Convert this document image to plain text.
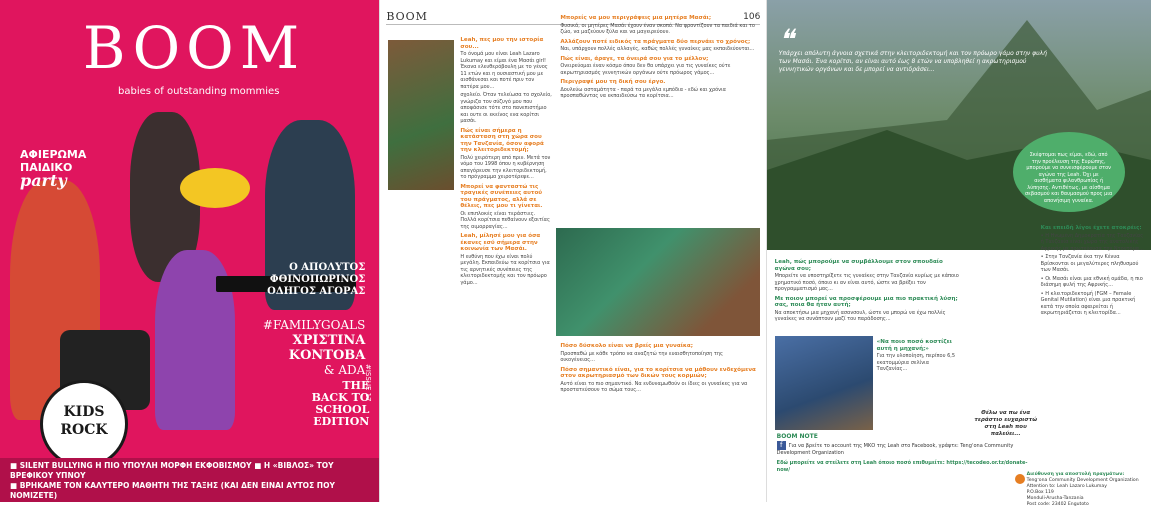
BOOM
babies of outstanding mommies
ΑΦΙΕΡΩΜΑ
ΠΑΙΔΙΚΟ
party
Ο ΑΠΟΛΥΤΟΣ
ΦΘΙΝΟΠΩΡΙΝΟΣ
ΟΔΗΓΟΣ ΑΓΟΡΑΣ
#FAMILYGOALS
ΧΡΙΣΤΙΝΑ
ΚΟΝΤΟΒΑ
& ADA
THE
BACK TO
SCHOOL
EDITION
KIDS
ROCK
#ISSUE 17
■ SILENT BULLYING Η ΠΙΟ ΥΠΟΥΛΗ ΜΟΡΦΗ ΕΚΦΟΒΙΣΜΟΥ ■ Η «ΒΙΒΛΟΣ» ΤΟΥ ΒΡΕΦΙΚΟΥ ΥΠΝΟΥ
■ ΒΡΗΚΑΜΕ ΤΟΝ ΚΑΛΥΤΕΡΟ ΜΑΘΗΤΗ ΤΗΣ ΤΑΞΗΣ (ΚΑΙ ΔΕΝ ΕΙΝΑΙ ΑΥΤΟΣ ΠΟΥ ΝΟΜΙΖΕΤΕ)
■ ΤΑΞΙΔΕΥΟΥΜΕ ΣΕ 4 ΚΑΣΤΡΑ ΤΗΣ ΕΥΡΩΠΗΣ ■ 100 ΠΡΩΤΟΤΥΠΑ ΟΝΟΜΑΤΑ ΓΙΑ ΤΟ ΜΩΡΟ ΣΑΣ
■ BOOM ASTROLOGY: ΓΙΑΤΙ ΤΑ ΠΑΝΕ ΜΕ ΤΟ ΣΧΟΛΕΙΟ ΤΑ ΜΙΚΡΑ ΣΑΣ ΑΣΤΕΡΙΑ;
BOOM	106
Leah, πες μου την ιστορία σου...

Το όνομά μου είναι Leah Lazaro Lukumay και είμαι ένα Μασάι girl! Έκανα ελευθερόβουλη με το γένος 11 ετών και η ουσιαστική μου με αισθάνεσαι και ποτέ πριν τον πατέρα μου...

σχολείο. Όταν τελείωσα το σχολείο, γνώριζα τον σύζυγό μου που αποφάσισε τότε στο πανεπιστήμιο και ουτε οι εκείνος ενα κορίτσι μασάι.

Πώς είναι σήμερα η κατάσταση στη χώρα σου την Τανζανία, όσον αφορά την κλειτοριδεκτομή;

Πολύ χειρότερη από πριν. Μετά τον νόμο του 1998 όπου η κυβέρνηση απαγόρευσε την κλειτοριδεκτομή, το πρόγραμμα χειροτέρεψε...

Μπορεί να φανταστώ τις τραγικές συνέπειες αυτού του πράγματος, αλλά σε θέλεις, πες μου τι γίνεται.

Οι επιπλοκές είναι τεράστιες. Πολλά κορίτσια πεθαίνουν εξαιτίας της αιμορραγίας...

Leah, μίλησέ μου για όσα έκανες εσύ σήμερα στην κοινωνία των Μασάι.

Η ευθύνη που έχω είναι πολύ μεγάλη. Εκπαιδεύω τα κορίτσια για τις αρνητικές συνέπειες της κλειτοριδεκτομής και τον πρόωρο γάμο...

Μπορείς να μου περιγράψεις μια μητέρα Μασάι;

Φυσικά, οι μητέρες Μασάι έχουν έναν σκοπό. Να φροντίζουν τα παιδιά και το ζώο, να μαζεύουν ξύλα και να μαγειρεύουν.

Αλλάζουν ποτέ ειδικός τα πράγματα δύο περνάει το χρόνος;

Ναι, υπάρχουν πολλές αλλαγές, καθώς πολλές γυναίκες μας εκπαιδεύονται...

Πώς είναι, άραγε, τα όνειρά σου για το μέλλον;

Ονειρεύομαι έναν κόσμο όπου δεν θα υπάρχει για τις γυναίκες ούτε ακρωτηριασμός γεννητικών οργάνων ούτε πρόωρος γάμος...

Περιγραψέ μου τη δική σου έργο.

Δουλεύω ασταμάτητα - παρά τα μεγάλα εμπόδια - εδώ και χρόνια προσπαθώντας να εκπαιδεύσω τα κορίτσια...

Πόσο δύσκολο είναι να βρείς μια γυναίκα;

Προσπαθώ με κάθε τρόπο να αναζητώ την ευαισθητοποίηση της οικογένειας...

Πόσο σημαντικό είναι, για το κορίτσια να μάθουν ενδεχόμενα στον ακρωτηριασμό των δικών τους κορμιών;

Αυτό είναι το πιο σημαντικό. Να ενδυναμωθούν οι ίδιες οι γυναίκες για να προστατεύσουν το σώμα τους...

❝
Υπάρχει απόλυτη άγνοια σχετικά στην κλειτοριδεκτομή και τον πρόωρο γάμο στην φυλή των Μασάι. Ένα κορίτσι, αν είναι αυτό έως 8 ετών να υποβληθεί η ακρωτηρισμού γεννητικών οργάνων και δε μπορεί να αντιδράσει...
Σκέφτομαι πως είμαι, εδώ, από την προέλευση της Ευρώπης, μπορούμε να συνεισφέρουμε στον αγώνα της Leah. Όχι με αισθήματα φιλανθρωπίας ή λύπησης. Αντιθέτως, με αίσθημα σεβασμού και θαυμασμού προς μια απονήσιμη γυναίκα.
Leah, πώς μπορούμε να συμβάλλουμε στον σπουδαίο αγώνα σου;

Μπορείτε να υποστηρίξετε τις γυναίκες στην Τανζανία κυρίως με κάποιο χρηματικό ποσό, όποιο κι αν είναι αυτό, ώστε να βρέξει τον προγραμματισμό μας...

Με ποιον μπορεί να προσφέρουμε μια πιο πρακτική λύση; σας, ποια θα ήταν αυτή;

Να αποκτήσω μια μηχανή ασανσουλ, ώστε να μπορώ να έχω πολλές γυναίκες να συνάπτουν μαζί του παράδοσης...

«Να ποιο ποσό κοστίζει αυτή η μηχανή;»

Για την υλοποίηση, περίπου 6,5 εκατομμύρια σελίνια Τανζανίας...

Θέλω να πω ένα τεράστιο ευχαριστώ στη Leah που παλεύει...
Και επειδή λίγοι έχετε ατοκρέις:

• Η Ηνωμένη Δημοκρατία της Τανζανίας ή Τανζανία είναι χώρα της ανατολικής Αφρικής με πρωτεύουσα την Ντοντόμα...

• Στην Τανζανία έκα την Κένυα Βρίσκονται οι μεγαλύτερες πληθυσμού των Μασάι.

• Οι Μασάι είναι μια εθνική ομάδα, η πιο διάσημη φυλή της Αφρικής...

• Η κλειτοριδεκτομή (FGM – Female Genital Mutilation) είναι μια πρακτική κατά την οποία αφαιρείται ή ακρωτηριάζεται η κλειτορίδα...

BOOM NOTE
f Για να βρείτε το account της ΜΚΟ της Leah στο Facebook, γράψτε: Tengʼona Community Development Organization
Εδώ μπορείτε να στείλετε στη Leah όποιο ποσό επιθυμείτε: https://tecodeo.or.tz/donate-now/
Διεύθυνση για αποστολή πραγμάτων:
Tengʼona Community Development Organization
Attention to: Leah Lazaro Lukumay
P.O.Box 119
Monduli-Arusha-Tanzania
Post code: 23402 Engutoto
